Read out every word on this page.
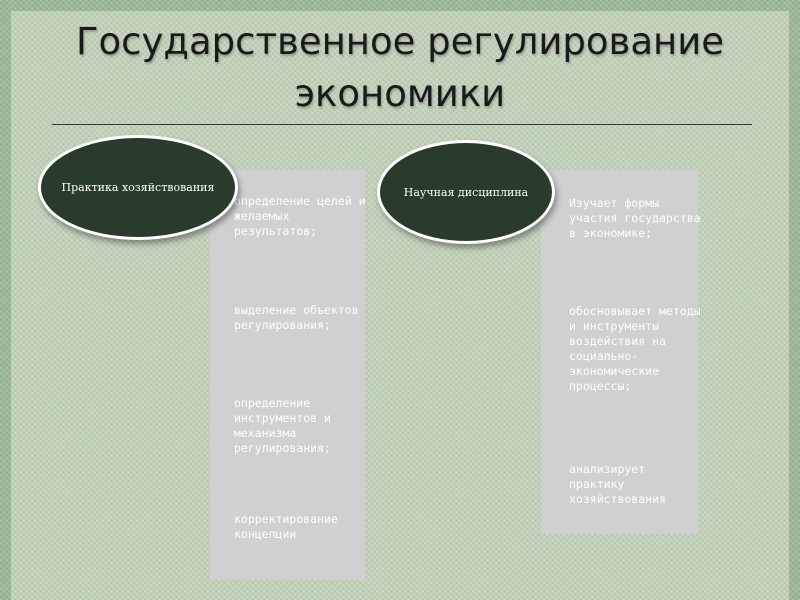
Государственное регулирование экономики

определение целей и желаемых результатов;

выделение объектов регулирования;

определение инструментов и механизма регулирования;

корректирование концепции

Практика хозяйствования

Изучает формы участия государства в экономике;

обосновывает методы и инструменты воздействия на социально-экономические процессы;

анализирует практику хозяйствования

Научная дисциплина
